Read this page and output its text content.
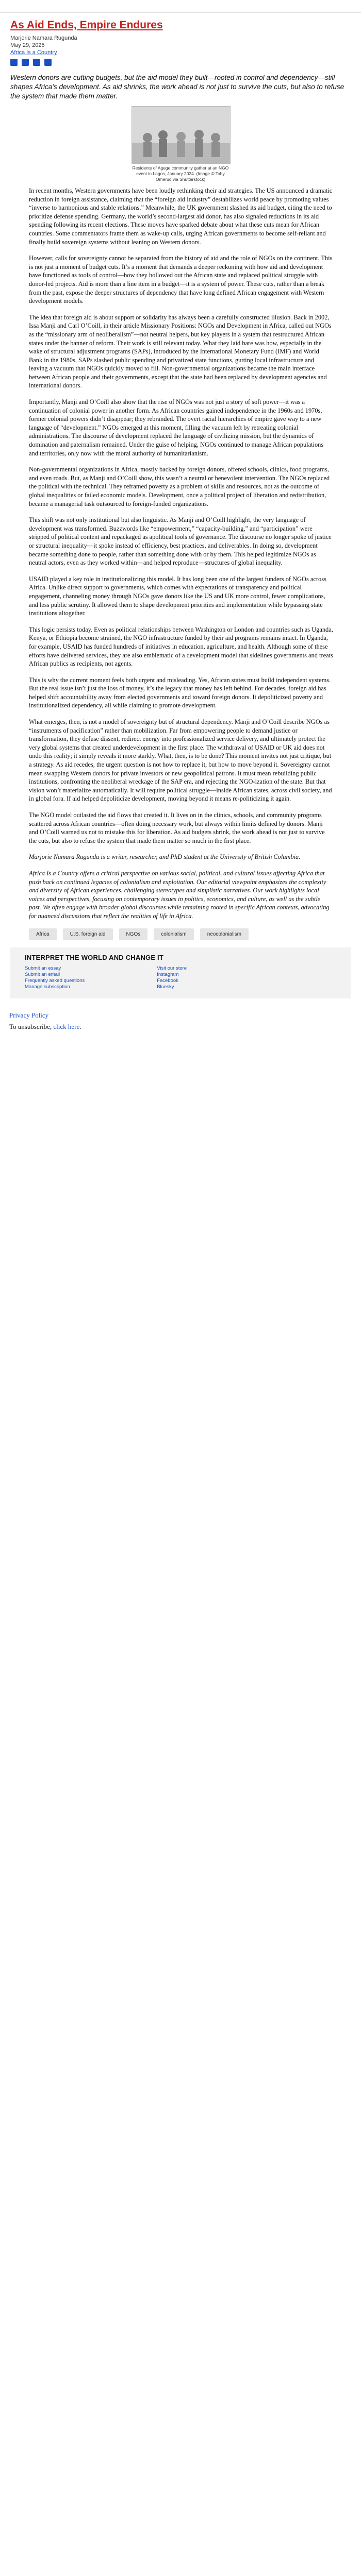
As Aid Ends, Empire Endures
Marjorie Namara Rugunda
May 29, 2025
Africa Is a Country
Western donors are cutting budgets, but the aid model they built—rooted in control and dependency—still shapes Africa’s development. As aid shrinks, the work ahead is not just to survive the cuts, but also to refuse the system that made them matter.
Residents of Agege community gather at an NGO event in Lagos, January 2024. (Image © Toby Omeruo via Shutterstock)

In recent months, Western governments have been loudly rethinking their aid strategies. The US announced a dramatic reduction in foreign assistance, claiming that the “foreign aid industry” destabilizes world peace by promoting values “inverse to harmonious and stable relations.” Meanwhile, the UK government slashed its aid budget, citing the need to prioritize defense spending. Germany, the world’s second-largest aid donor, has also signaled reductions in its aid spending following its recent elections. These moves have sparked debate about what these cuts mean for African countries. Some commentators frame them as wake-up calls, urging African governments to become self-reliant and finally build sovereign systems without leaning on Western donors.

However, calls for sovereignty cannot be separated from the history of aid and the role of NGOs on the continent. This is not just a moment of budget cuts. It’s a moment that demands a deeper reckoning with how aid and development have functioned as tools of control—how they hollowed out the African state and replaced political struggle with donor-led projects. Aid is more than a line item in a budget—it is a system of power. These cuts, rather than a break from the past, expose the deeper structures of dependency that have long defined African engagement with Western development models.

The idea that foreign aid is about support or solidarity has always been a carefully constructed illusion. Back in 2002, Issa Manji and Carl O’Coill, in their article Missionary Positions: NGOs and Development in Africa, called out NGOs as the “missionary arm of neoliberalism”—not neutral helpers, but key players in a system that restructured African states under the banner of reform. Their work is still relevant today. What they laid bare was how, especially in the wake of structural adjustment programs (SAPs), introduced by the International Monetary Fund (IMF) and World Bank in the 1980s, SAPs slashed public spending and privatized state functions, gutting local infrastructure and leaving a vacuum that NGOs quickly moved to fill. Non-governmental organizations became the main interface between African people and their governments, except that the state had been replaced by development agencies and international donors.

Importantly, Manji and O’Coill also show that the rise of NGOs was not just a story of soft power—it was a continuation of colonial power in another form. As African countries gained independence in the 1960s and 1970s, former colonial powers didn’t disappear; they rebranded. The overt racial hierarchies of empire gave way to a new language of “development.” NGOs emerged at this moment, filling the vacuum left by retreating colonial administrations. The discourse of development replaced the language of civilizing mission, but the dynamics of domination and paternalism remained. Under the guise of helping, NGOs continued to manage African populations and territories, only now with the moral authority of humanitarianism.

Non-governmental organizations in Africa, mostly backed by foreign donors, offered schools, clinics, food programs, and even roads. But, as Manji and O’Coill show, this wasn’t a neutral or benevolent intervention. The NGOs replaced the political with the technical. They reframed poverty as a problem of skills and resources, not as the outcome of global inequalities or failed economic models. Development, once a political project of liberation and redistribution, became a managerial task outsourced to foreign-funded organizations.

This shift was not only institutional but also linguistic. As Manji and O’Coill highlight, the very language of development was transformed. Buzzwords like “empowerment,” “capacity-building,” and “participation” were stripped of political content and repackaged as apolitical tools of governance. The discourse no longer spoke of justice or structural inequality—it spoke instead of efficiency, best practices, and deliverables. In doing so, development became something done to people, rather than something done with or by them. This helped legitimize NGOs as neutral actors, even as they worked within—and helped reproduce—structures of global inequality.

USAID played a key role in institutionalizing this model. It has long been one of the largest funders of NGOs across Africa. Unlike direct support to governments, which comes with expectations of transparency and political engagement, channeling money through NGOs gave donors like the US and UK more control, fewer complications, and less public scrutiny. It allowed them to shape development priorities and implementation while bypassing state institutions altogether.

This logic persists today. Even as political relationships between Washington or London and countries such as Uganda, Kenya, or Ethiopia become strained, the NGO infrastructure funded by their aid programs remains intact. In Uganda, for example, USAID has funded hundreds of initiatives in education, agriculture, and health. Although some of these efforts have delivered services, they are also emblematic of a development model that sidelines governments and treats African publics as recipients, not agents.

This is why the current moment feels both urgent and misleading. Yes, African states must build independent systems. But the real issue isn’t just the loss of money, it’s the legacy that money has left behind. For decades, foreign aid has helped shift accountability away from elected governments and toward foreign donors. It depoliticized poverty and institutionalized dependency, all while claiming to promote development.

What emerges, then, is not a model of sovereignty but of structural dependency. Manji and O’Coill describe NGOs as “instruments of pacification” rather than mobilization. Far from empowering people to demand justice or transformation, they defuse dissent, redirect energy into professionalized service delivery, and ultimately protect the very global systems that created underdevelopment in the first place. The withdrawal of USAID or UK aid does not undo this reality; it simply reveals it more starkly. What, then, is to be done? This moment invites not just critique, but a strategy. As aid recedes, the urgent question is not how to replace it, but how to move beyond it. Sovereignty cannot mean swapping Western donors for private investors or new geopolitical patrons. It must mean rebuilding public institutions, confronting the neoliberal wreckage of the SAP era, and rejecting the NGO-ization of the state. But that vision won’t materialize automatically. It will require political struggle—inside African states, across civil society, and in global fora. If aid helped depoliticize development, moving beyond it means re-politicizing it again.

The NGO model outlasted the aid flows that created it. It lives on in the clinics, schools, and community programs scattered across African countries—often doing necessary work, but always within limits defined by donors. Manji and O’Coill warned us not to mistake this for liberation. As aid budgets shrink, the work ahead is not just to survive the cuts, but also to refuse the system that made them matter so much in the first place.

Marjorie Namara Rugunda is a writer, researcher, and PhD student at the University of British Columbia.

Africa Is a Country offers a critical perspective on various social, political, and cultural issues affecting Africa that push back on continued legacies of colonialism and exploitation. Our editorial viewpoint emphasizes the complexity and diversity of African experiences, challenging stereotypes and simplistic narratives. Our work highlights local voices and perspectives, focusing on contemporary issues in politics, economics, and culture, as well as the subtle past. We often engage with broader global discourses while remaining rooted in specific African contexts, advocating for nuanced discussions that reflect the realities of life in Africa.

Africa	U.S. foreign aid	NGOs	colonialism	neocolonialism
INTERPRET THE WORLD AND CHANGE IT
Submit an essay
Submit an email
Frequently asked questions
Manage subscription
Visit our store
Instagram
Facebook
Bluesky
Privacy Policy
To unsubscribe, click here.
